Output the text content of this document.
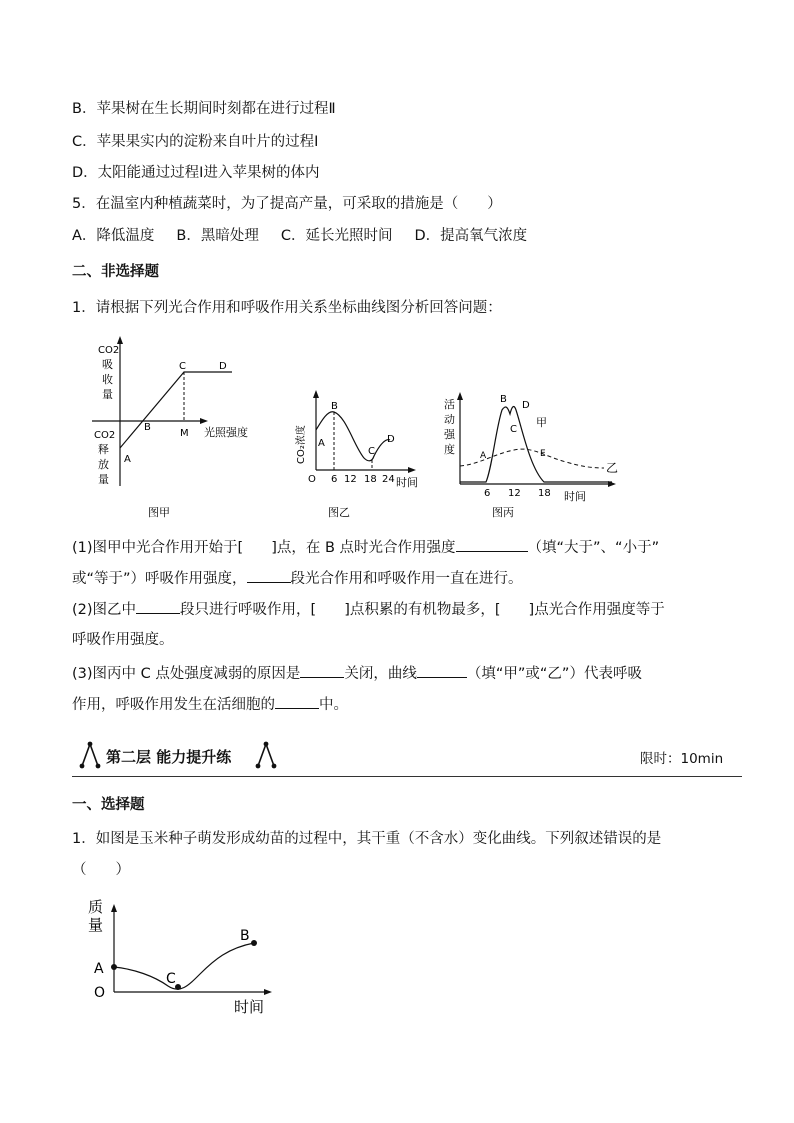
B．苹果树在生长期间时刻都在进行过程Ⅱ
C．苹果果实内的淀粉来自叶片的过程Ⅰ
D．太阳能通过过程Ⅰ进入苹果树的体内
5．在温室内种植蔬菜时，为了提高产量，可采取的措施是（　　）
A．降低温度 B．黑暗处理 C．延长光照时间 D．提高氧气浓度
二、非选择题
1．请根据下列光合作用和呼吸作用关系坐标曲线图分析回答问题：
CO2
吸
收
量
CO2
释
放
量
A
B
C	D
M 光照强度
图甲
CO₂浓度 A
B
C
D
O 6 12 18 24 时间
图乙
活
动
强
度	A
B
C
D
E
甲
乙
6 12 18 时间
图丙
(1)图甲中光合作用开始于[ ]点，在 B 点时光合作用强度	（填“大于”、“小于”
或“等于”）呼吸作用强度，	段光合作用和呼吸作用一直在进行。
(2)图乙中	段只进行呼吸作用，[ ]点积累的有机物最多，[ ]点光合作用强度等于
呼吸作用强度。
(3)图丙中 C 点处强度减弱的原因是	关闭，曲线	（填“甲”或“乙”）代表呼吸
作用，呼吸作用发生在活细胞的	中。
第二层 能力提升练	限时：10min
一、选择题
1．如图是玉米种子萌发形成幼苗的过程中，其干重（不含水）变化曲线。下列叙述错误的是
（　　）
质
量
A
O
C
B
时间
